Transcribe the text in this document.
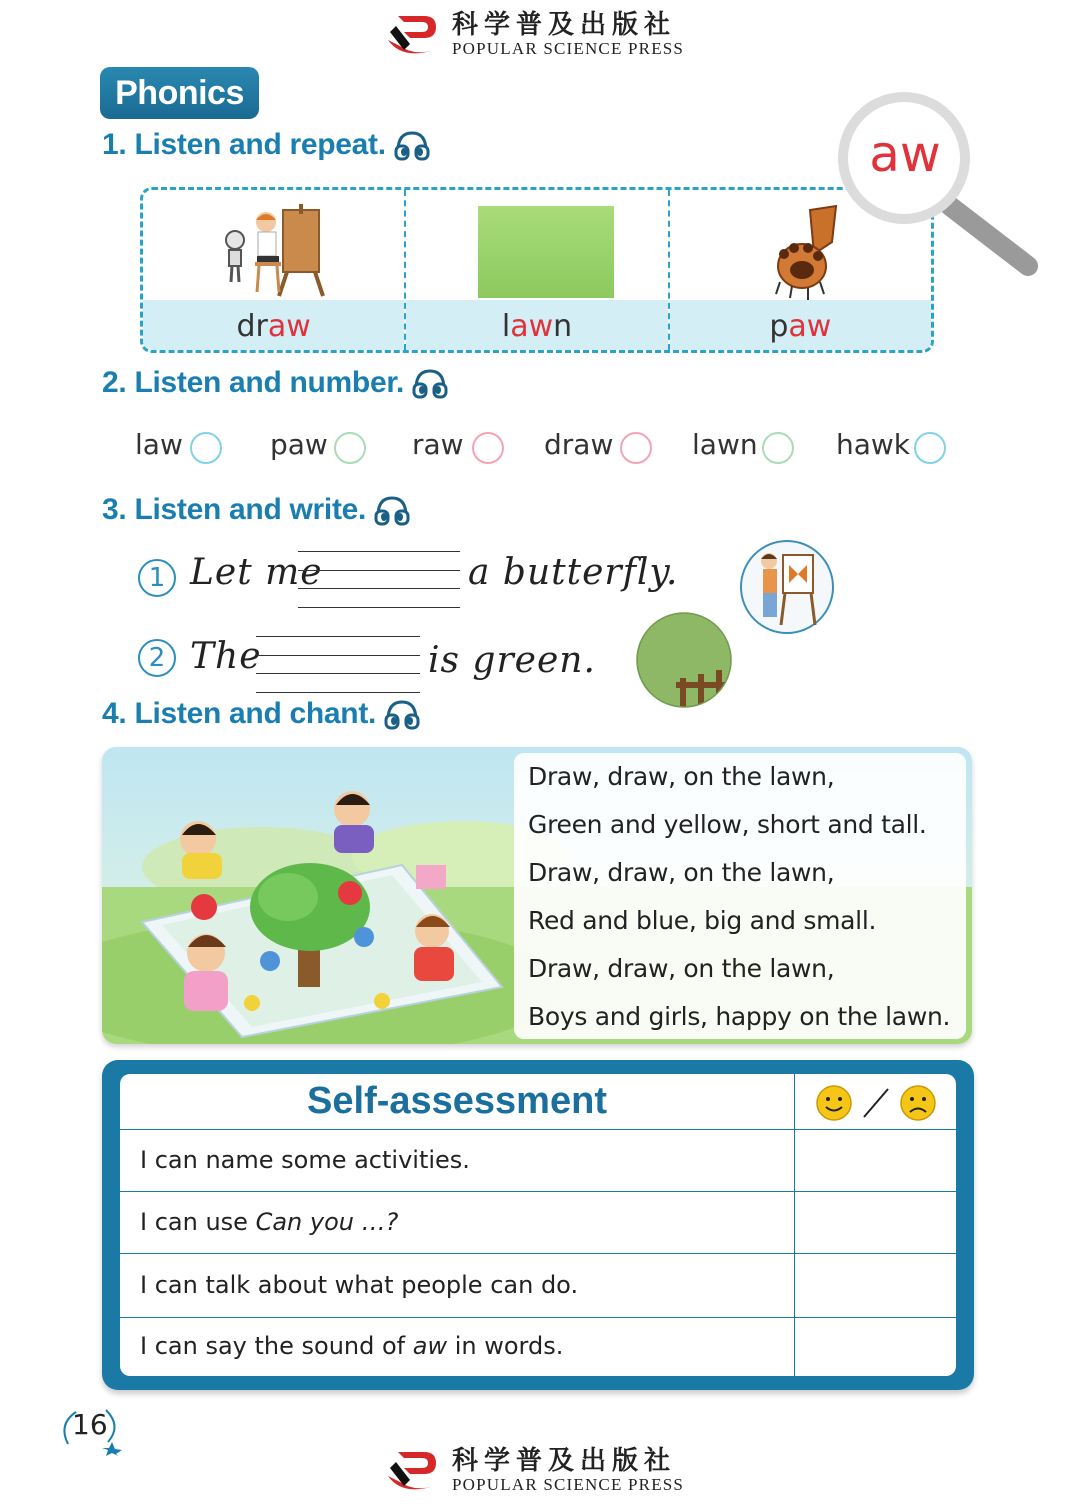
科学普及出版社
POPULAR SCIENCE PRESS
Phonics
1. Listen and repeat.
draw	lawn	paw
aw
2. Listen and number.
law	paw	raw	draw	lawn	hawk
3. Listen and write.
1 Let me	a butterfly.
2 The	is green.
4. Listen and chant.
Draw, draw, on the lawn,
Green and yellow, short and tall.
Draw, draw, on the lawn,
Red and blue, big and small.
Draw, draw, on the lawn,
Boys and girls, happy on the lawn.
Self-assessment
I can name some activities.
I can use Can you …?
I can talk about what people can do.
I can say the sound of aw in words.
16
科学普及出版社
POPULAR SCIENCE PRESS
